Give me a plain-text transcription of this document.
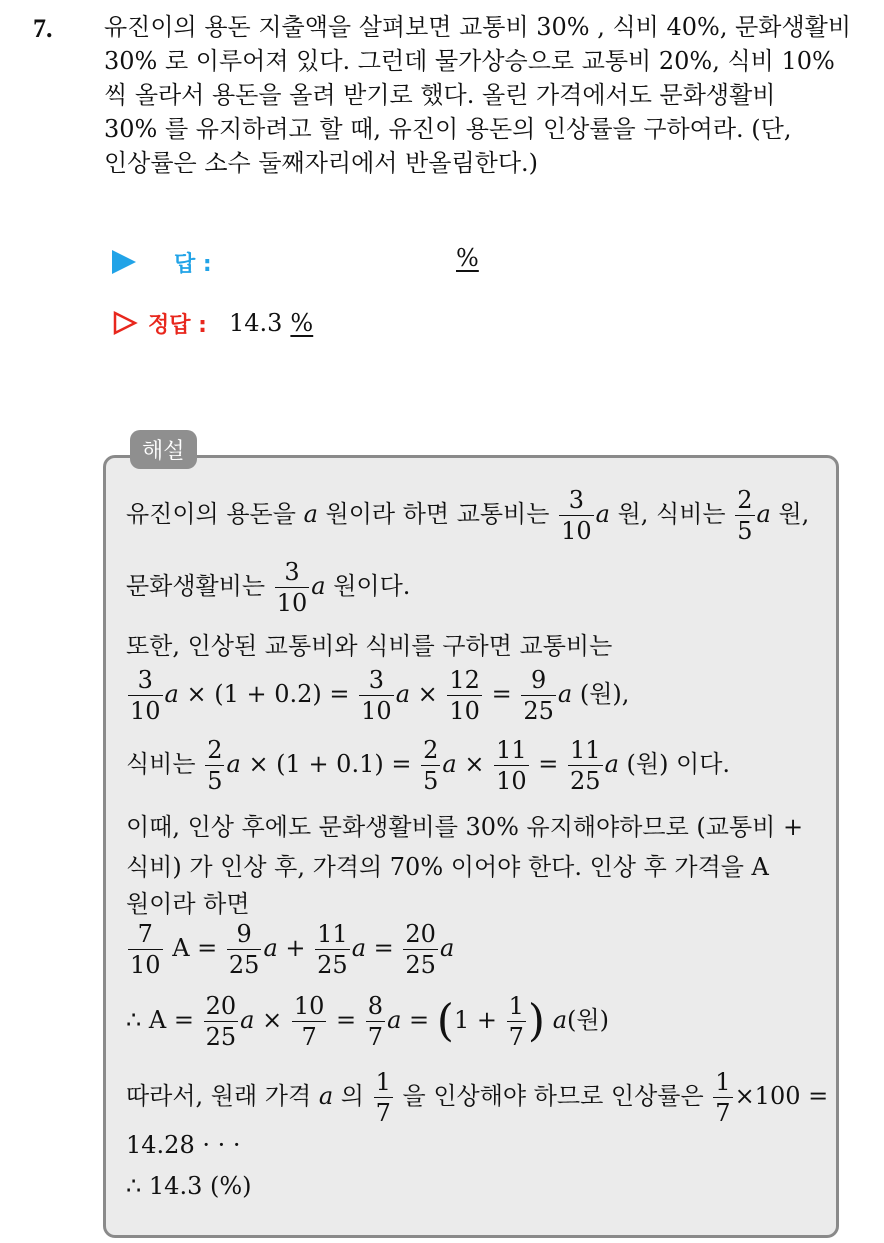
7. 유진이의 용돈 지출액을 살펴보면 교통비 30% , 식비 40%, 문화생활비
30% 로 이루어져 있다. 그런데 물가상승으로 교통비 20%, 식비 10%
씩 올라서 용돈을 올려 받기로 했다. 올린 가격에서도 문화생활비
30% 를 유지하려고 할 때, 유진이 용돈의 인상률을 구하여라. (단,
인상률은 소수 둘째자리에서 반올림한다.)
답 :	%
정답 : 14.3 %
해설
유진이의 용돈을 a 원이라 하면 교통비는 $\frac{3}{10}$ a 원, 식비는 $\frac{2}{5}$ a 원,
문화생활비는 $\frac{3}{10}$ a 원이다.
또한, 인상된 교통비와 식비를 구하면 교통비는
$\frac{3}{10}$ $a \times (1 + 0.2) = \frac{3}{10}$ $a \times \frac{12}{10} = \frac{9}{25}$ a (원),
식비는 $\frac{2}{5}$ $a \times (1 + 0.1) = \frac{2}{5}$ $a \times \frac{11}{10} = \frac{11}{25}$ a (원) 이다.
이때, 인상 후에도 문화생활비를 30% 유지해야하므로 (교통비 +
식비) 가 인상 후, 가격의 70% 이어야 한다. 인상 후 가격을 A
원이라 하면
$\frac{7}{10}$ $A = \frac{9}{25}$ $a + \frac{11}{25}$ $a = \frac{20}{25}$ a
∴ $A = \frac{20}{25}$ $a \times \frac{10}{7} = \frac{8}{7}$ $a = (1 + \frac{1}{7}$ ) a(원)
따라서, 원래 가격 a 의 $\frac{1}{7}$ 을 인상해야 하므로 인상률은 $\frac{1}{7} \times 100$ =
14.28 · · ·
∴ 14.3 (%)
